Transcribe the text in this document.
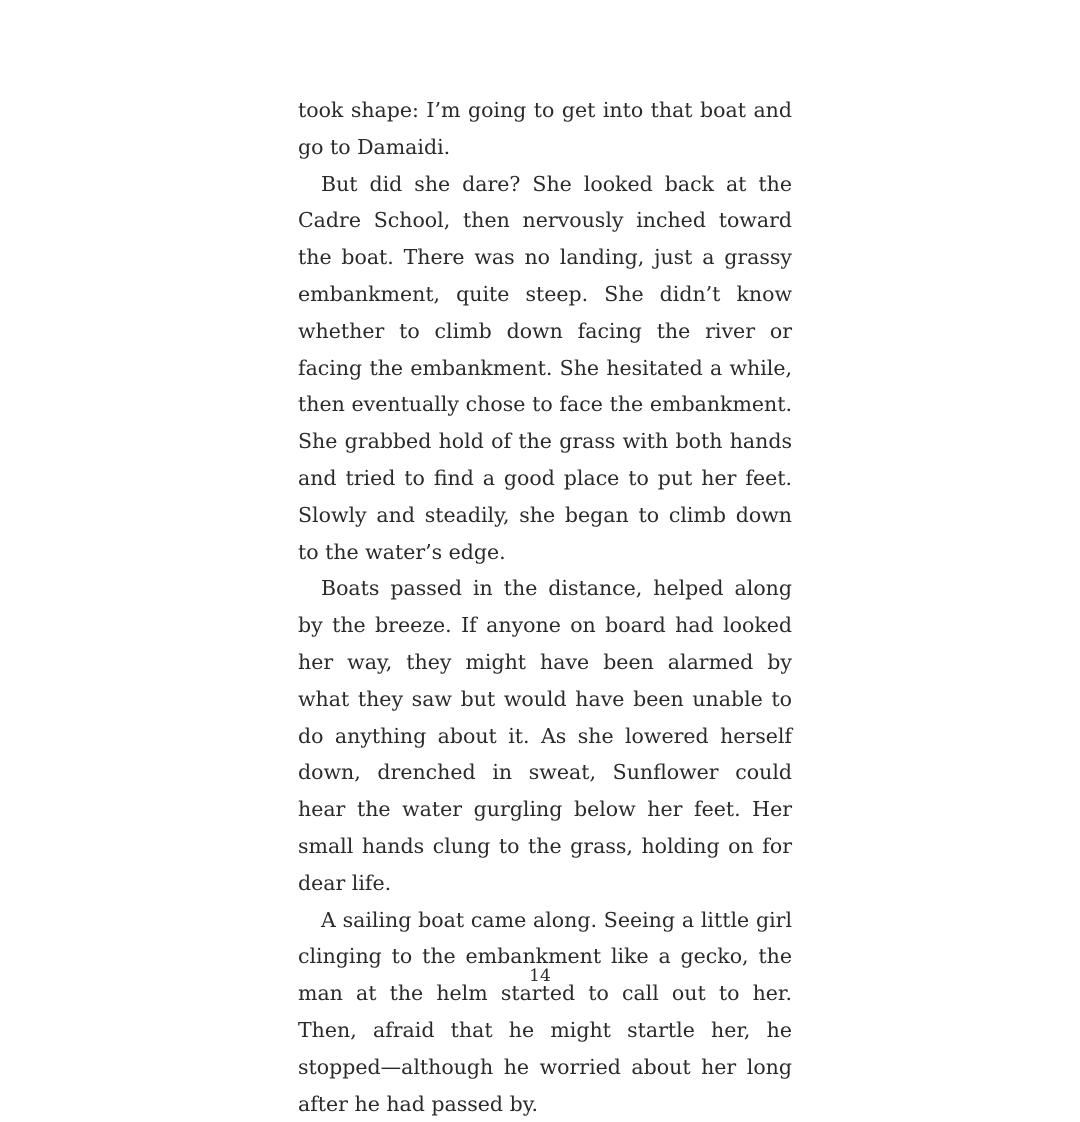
took shape: I’m going to get into that boat and go to Damaidi.

But did she dare? She looked back at the Cadre School, then nervously inched toward the boat. There was no landing, just a grassy embankment, quite steep. She didn’t know whether to climb down facing the river or facing the embankment. She hesitated a while, then eventually chose to face the embankment. She grabbed hold of the grass with both hands and tried to find a good place to put her feet. Slowly and steadily, she began to climb down to the water’s edge.

Boats passed in the distance, helped along by the breeze. If anyone on board had looked her way, they might have been alarmed by what they saw but would have been unable to do anything about it. As she lowered herself down, drenched in sweat, Sunflower could hear the water gurgling below her feet. Her small hands clung to the grass, holding on for dear life.

A sailing boat came along. Seeing a little girl clinging to the embankment like a gecko, the man at the helm started to call out to her. Then, afraid that he might startle her, he stopped—although he worried about her long after he had passed by.

14
